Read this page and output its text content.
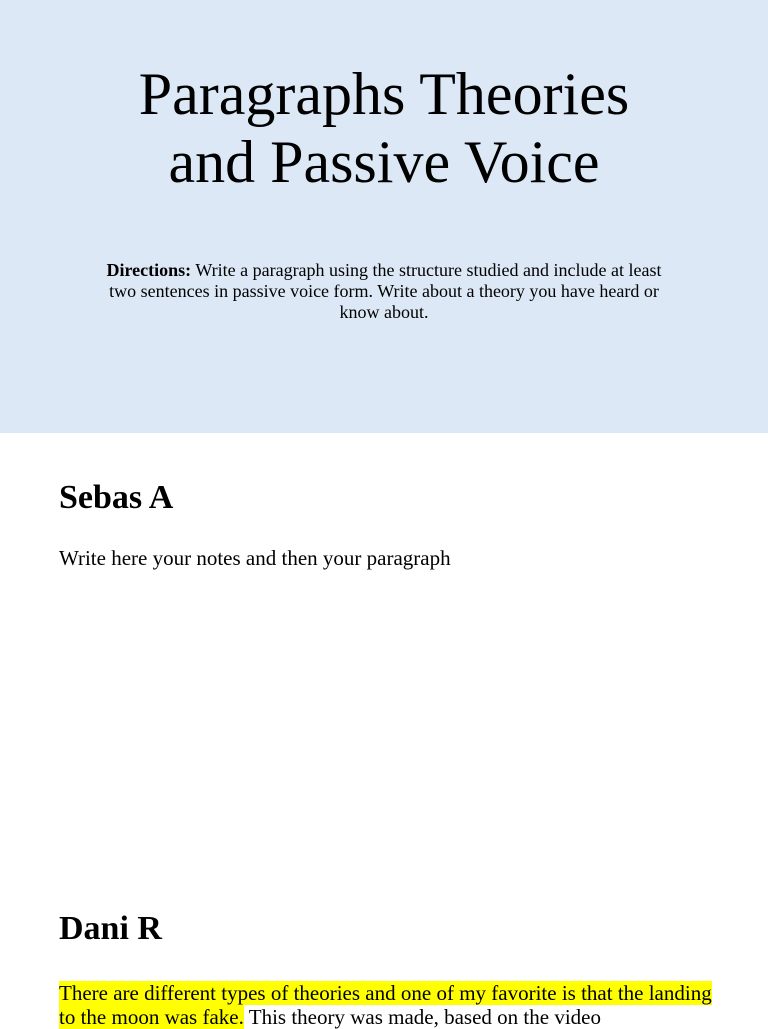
Paragraphs Theories
and Passive Voice

Directions: Write a paragraph using the structure studied and include at least two sentences in passive voice form. Write about a theory you have heard or know about.

Sebas A

Write here your notes and then your paragraph

Dani R

There are different types of theories and one of my favorite is that the landing to the moon was fake. This theory was made, based on the video
